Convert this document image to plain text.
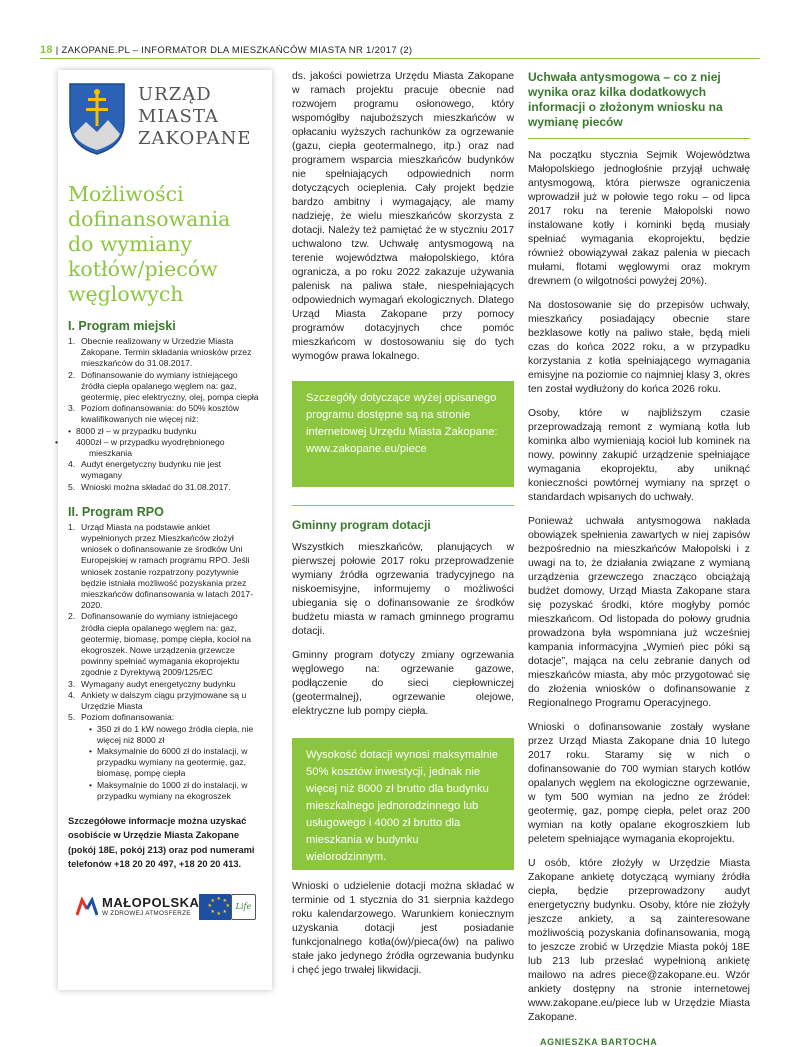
18 | ZAKOPANE.PL – INFORMATOR DLA MIESZKAŃCÓW MIASTA NR 1/2017 (2)
URZĄD
MIASTA
ZAKOPANE
Możliwości
dofinansowania
do wymiany
kotłów/pieców
węglowych
I. Program miejski
1. Obecnie realizowany w Urzedzie Miasta Zakopane. Termin składania wniosków przez mieszkańców do 31.08.2017.
2. Dofinansowanie do wymiany istniejącego źródła ciepła opalanego węglem na: gaz, geotermię, piec elektryczny, olej, pompa ciepła
3. Poziom dofinansowania: do 50% kosztów kwalifikowanych nie więcej niż:
• 8000 zł – w przypadku budynku
• 4000zł – w przypadku wyodrębnionego mieszkania
4. Audyt energetyczny budynku nie jest wymagany
5. Wnioski można składać do 31.08.2017.
II. Program RPO
1. Urząd Miasta na podstawie ankiet wypełnionych przez Mieszkańców złożył wniosek o dofinansowanie ze środków Uni Europejskiej w ramach programu RPO. Jeśli wniosek zostanie rozpatrzony pozytywnie będzie istniała możliwość pozyskania przez mieszkańców dofinansowania w latach 2017-2020.
2. Dofinansowanie do wymiany istniejacego źródła ciepła opalanego węglem na: gaz, geotermię, biomasę, pompę ciepła, kocioł na ekogroszek. Nowe urządzenia grzewcze powinny spełniać wymagania ekoprojektu zgodnie z Dyrektywą 2009/125/EC
3. Wymagany audyt energetyczny budynku
4. Ankiety w dalszym ciągu przyjmowane są u Urzędzie Miasta
5. Poziom dofinansowania:
• 350 zł do 1 kW nowego źródła ciepła, nie więcej niż 8000 zł
• Maksymalnie do 6000 zł do instalacji, w przypadku wymiany na geotermię, gaz, biomasę, pompę ciepła
• Maksymalnie do 1000 zł do instalacji, w przypadku wymiany na ekogroszek
Szczegółowe informacje można uzyskać osobiście w Urzędzie Miasta Zakopane (pokój 18E, pokój 213) oraz pod numerami telefonów +18 20 20 497, +18 20 20 413.
MAŁOPOLSKA
W ZDROWEJ ATMOSFERZE
★ ★
★
★
★
★
★
★
Life

ds. jakości powietrza Urzędu Miasta Zakopane w ramach projektu pracuje obecnie nad rozwojem programu osłonowego, który wspomógłby najuboższych mieszkańców w opłacaniu wyższych rachunków za ogrzewanie (gazu, ciepła geotermalnego, itp.) oraz nad programem wsparcia mieszkańców budynków nie spełniających odpowiednich norm dotyczących ocieplenia. Cały projekt będzie bardzo ambitny i wymagający, ale mamy nadzieję, że wielu mieszkańców skorzysta z dotacji. Należy też pamiętać że w styczniu 2017 uchwalono tzw. Uchwałę antysmogową na terenie województwa małopolskiego, która ogranicza, a po roku 2022 zakazuje używania palenisk na paliwa stałe, niespełniających odpowiednich wymagań ekologicznych. Dlatego Urząd Miasta Zakopane przy pomocy programów dotacyjnych chce pomóc mieszkańcom w dostosowaniu się do tych wymogów prawa lokalnego.

Szczegóły dotyczące wyżej opisanego programu dostępne są na stronie internetowej Urzędu Miasta Zakopane: www.zakopane.eu/piece
Gminny program dotacji

Wszystkich mieszkańców, planujących w pierwszej połowie 2017 roku przeprowadzenie wymiany źródła ogrzewania tradycyjnego na niskoemisyjne, informujemy o możliwości ubiegania się o dofinansowanie ze środków budżetu miasta w ramach gminnego programu dotacji.

Gminny program dotyczy zmiany ogrzewania węglowego na: ogrzewanie gazowe, podłączenie do sieci ciepłowniczej (geotermalnej), ogrzewanie olejowe, elektryczne lub pompy ciepła.

Wysokość dotacji wynosi maksymalnie 50% kosztów inwestycji, jednak nie więcej niż 8000 zł brutto dla budynku mieszkalnego jednorodzinnego lub usługowego i 4000 zł brutto dla mieszkania w budynku wielorodzinnym.

Wnioski o udzielenie dotacji można składać w terminie od 1 stycznia do 31 sierpnia każdego roku kalendarzowego. Warunkiem koniecznym uzyskania dotacji jest posiadanie funkcjonalnego kotła(ów)/pieca(ów) na paliwo stałe jako jedynego źródła ogrzewania budynku i chęć jego trwałej likwidacji.

Uchwała antysmogowa – co z niej wynika oraz kilka dodatkowych informacji o złożonym wniosku na wymianę pieców

Na początku stycznia Sejmik Województwa Małopolskiego jednogłośnie przyjął uchwałę antysmogową, która pierwsze ograniczenia wprowadził już w połowie tego roku – od lipca 2017 roku na terenie Małopolski nowo instalowane kotły i kominki będą musiały spełniać wymagania ekoprojektu, będzie również obowiązywał zakaz palenia w piecach mułami, flotami węglowymi oraz mokrym drewnem (o wilgotności powyżej 20%).

Na dostosowanie się do przepisów uchwały, mieszkańcy posiadający obecnie stare bezklasowe kotły na paliwo stałe, będą mieli czas do końca 2022 roku, a w przypadku korzystania z kotła spełniającego wymagania emisyjne na poziomie co najmniej klasy 3, okres ten został wydłużony do końca 2026 roku.

Osoby, które w najbliższym czasie przeprowadzają remont z wymianą kotła lub kominka albo wymieniają kocioł lub kominek na nowy, powinny zakupić urządzenie spełniające wymagania ekoprojektu, aby uniknąć konieczności powtórnej wymiany na sprzęt o standardach wpisanych do uchwały.

Ponieważ uchwała antysmogowa nakłada obowiązek spełnienia zawartych w niej zapisów bezpośrednio na mieszkańców Małopolski i z uwagi na to, że działania związane z wymianą urządzenia grzewczego znacząco obciążają budżet domowy, Urząd Miasta Zakopane stara się pozyskać środki, które mogłyby pomóc mieszkańcom. Od listopada do połowy grudnia prowadzona była wspomniana już wcześniej kampania informacyjna „Wymień piec póki są dotacje”, mająca na celu zebranie danych od mieszkańców miasta, aby móc przygotować się do złożenia wniosków o dofinansowanie z Regionalnego Programu Operacyjnego.

Wnioski o dofinansowanie zostały wysłane przez Urząd Miasta Zakopane dnia 10 lutego 2017 roku. Staramy się w nich o dofinansowanie do 700 wymian starych kotłów opalanych węglem na ekologiczne ogrzewanie, w tym 500 wymian na jedno ze źródeł: geotermię, gaz, pompę ciepła, pelet oraz 200 wymian na kotły opalane ekogroszkiem lub peletem spełniające wymagania ekoprojektu.

U osób, które złożyły w Urzędzie Miasta Zakopane ankietę dotyczącą wymiany źródła ciepła, będzie przeprowadzony audyt energetyczny budynku. Osoby, które nie złożyły jeszcze ankiety, a są zainteresowane możliwością pozyskania dofinansowania, mogą to jeszcze zrobić w Urzędzie Miasta pokój 18E lub 213 lub przesłać wypełnioną ankietę mailowo na adres piece@zakopane.eu. Wzór ankiety dostępny na stronie internetowej www.zakopane.eu/piece lub w Urzędzie Miasta Zakopane.

AGNIESZKA BARTOCHA
